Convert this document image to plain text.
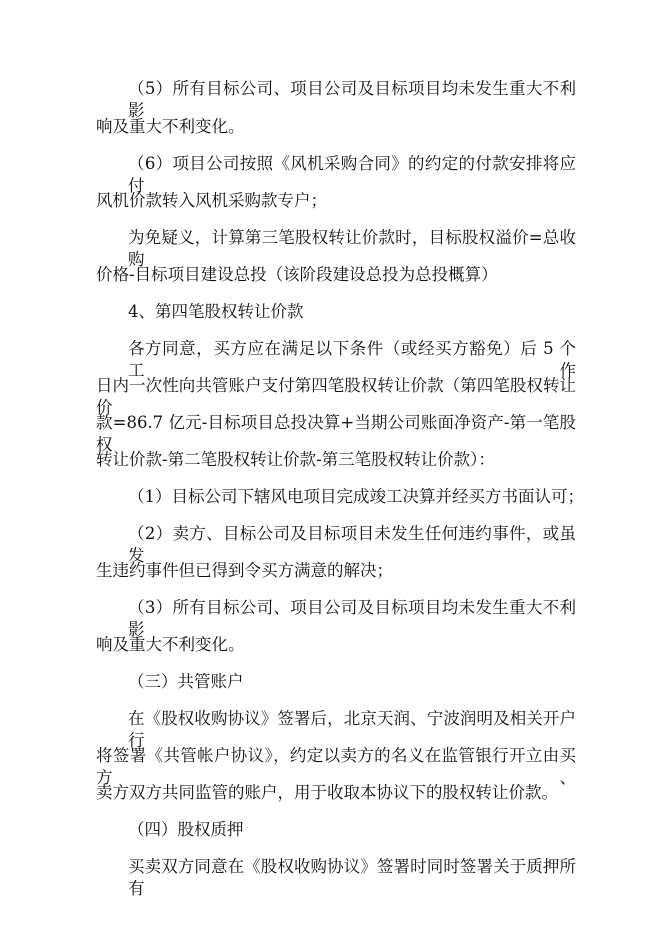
（5）所有目标公司、项目公司及目标项目均未发生重大不利影
响及重大不利变化。
（6）项目公司按照《风机采购合同》的约定的付款安排将应付
风机价款转入风机采购款专户；
为免疑义，计算第三笔股权转让价款时，目标股权溢价=总收购
价格-目标项目建设总投（该阶段建设总投为总投概算）
4、第四笔股权转让价款
各方同意，买方应在满足以下条件（或经买方豁免）后 5 个工作
日内一次性向共管账户支付第四笔股权转让价款（第四笔股权转让价
款=86.7 亿元-目标项目总投决算+当期公司账面净资产-第一笔股权
转让价款-第二笔股权转让价款-第三笔股权转让价款）：
（1）目标公司下辖风电项目完成竣工决算并经买方书面认可；
（2）卖方、目标公司及目标项目未发生任何违约事件，或虽发
生违约事件但已得到令买方满意的解决；
（3）所有目标公司、项目公司及目标项目均未发生重大不利影
响及重大不利变化。
（三）共管账户
在《股权收购协议》签署后，北京天润、宁波润明及相关开户行
将签署《共管帐户协议》，约定以卖方的名义在监管银行开立由买方、
卖方双方共同监管的账户，用于收取本协议下的股权转让价款。
（四）股权质押
买卖双方同意在《股权收购协议》签署时同时签署关于质押所有
